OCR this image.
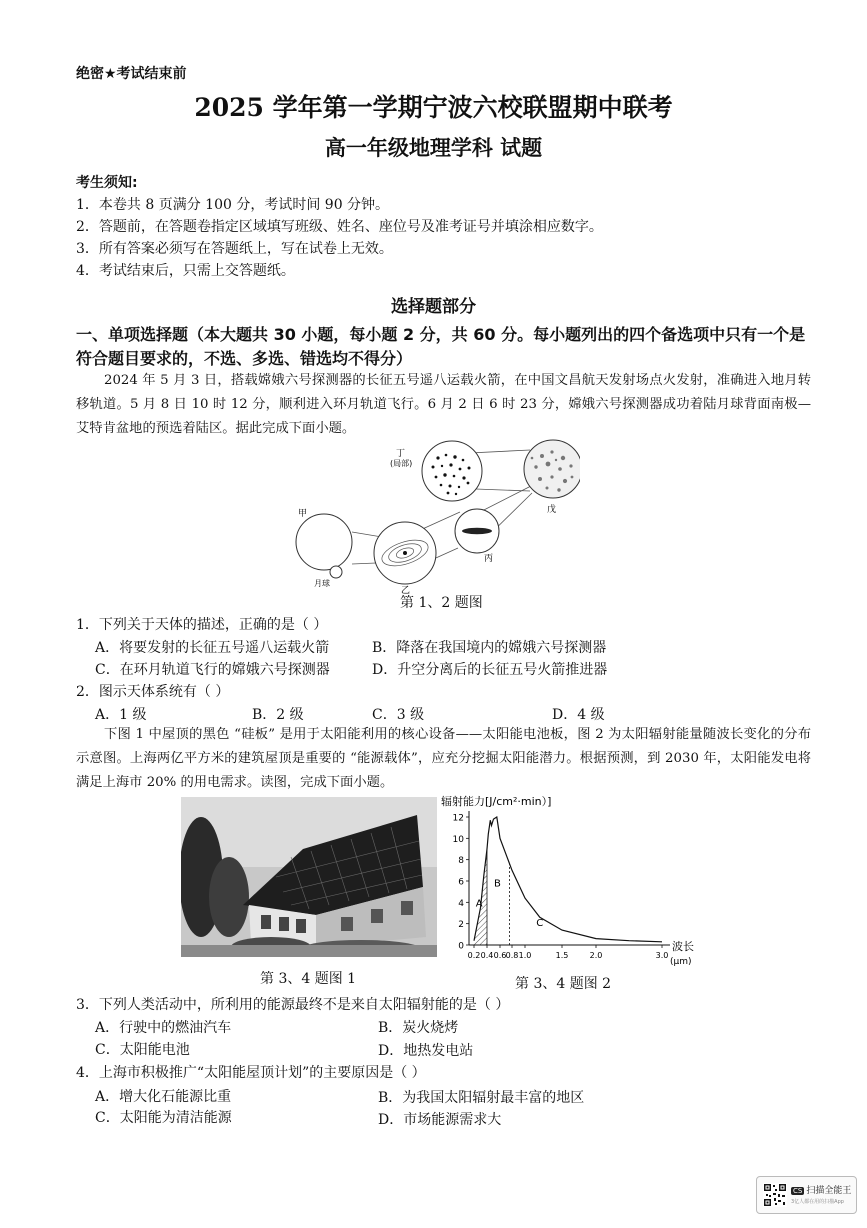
绝密★考试结束前
2025 学年第一学期宁波六校联盟期中联考
高一年级地理学科 试题
考生须知:
1．本卷共 8 页满分 100 分，考试时间 90 分钟。
2．答题前，在答题卷指定区域填写班级、姓名、座位号及准考证号并填涂相应数字。
3．所有答案必须写在答题纸上，写在试卷上无效。
4．考试结束后，只需上交答题纸。
选择题部分
一、单项选择题（本大题共 30 小题，每小题 2 分，共 60 分。每小题列出的四个备选项中只有一个是符合题目要求的，不选、多选、错选均不得分）
2024 年 5 月 3 日，搭载嫦娥六号探测器的长征五号遥八运载火箭，在中国文昌航天发射场点火发射，准确进入地月转移轨道。5 月 8 日 10 时 12 分，顺利进入环月轨道飞行。6 月 2 日 6 时 23 分，嫦娥六号探测器成功着陆月球背面南极—艾特肯盆地的预选着陆区。据此完成下面小题。
丁
(局部)
戊
丙
乙
甲
月球
第 1、2 题图
1．下列关于天体的描述，正确的是（ ）
A．将要发射的长征五号遥八运载火箭	B．降落在我国境内的嫦娥六号探测器
C．在环月轨道飞行的嫦娥六号探测器	D．升空分离后的长征五号火箭推进器
2．图示天体系统有（ ）
A．1 级	B．2 级	C．3 级	D．4 级
下图 1 中屋顶的黑色 “硅板” 是用于太阳能利用的核心设备——太阳能电池板，图 2 为太阳辐射能量随波长变化的分布示意图。上海两亿平方米的建筑屋顶是重要的 “能源载体”，应充分挖掘太阳能潜力。根据预测，到 2030 年，太阳能发电将满足上海市 20% 的用电需求。读图，完成下面小题。
第 3、4 题图 1
辐射能力[J/cm²·min）]
A
B
C
0
2
4
6
8
10
12
0.2 0.4 0.6 0.8 1.0	1.5	2.0	3.0
波长
(μm)
第 3、4 题图 2
3．下列人类活动中，所利用的能源最终不是来自太阳辐射能的是（ ）
A．行驶中的燃油汽车	B．炭火烧烤
C．太阳能电池	D．地热发电站
4．上海市积极推广“太阳能屋顶计划”的主要原因是（ ）
A．增大化石能源比重	B．为我国太阳辐射最丰富的地区
C．太阳能为清洁能源	D．市场能源需求大
CS 扫描全能王
3亿人都在用的扫描App
